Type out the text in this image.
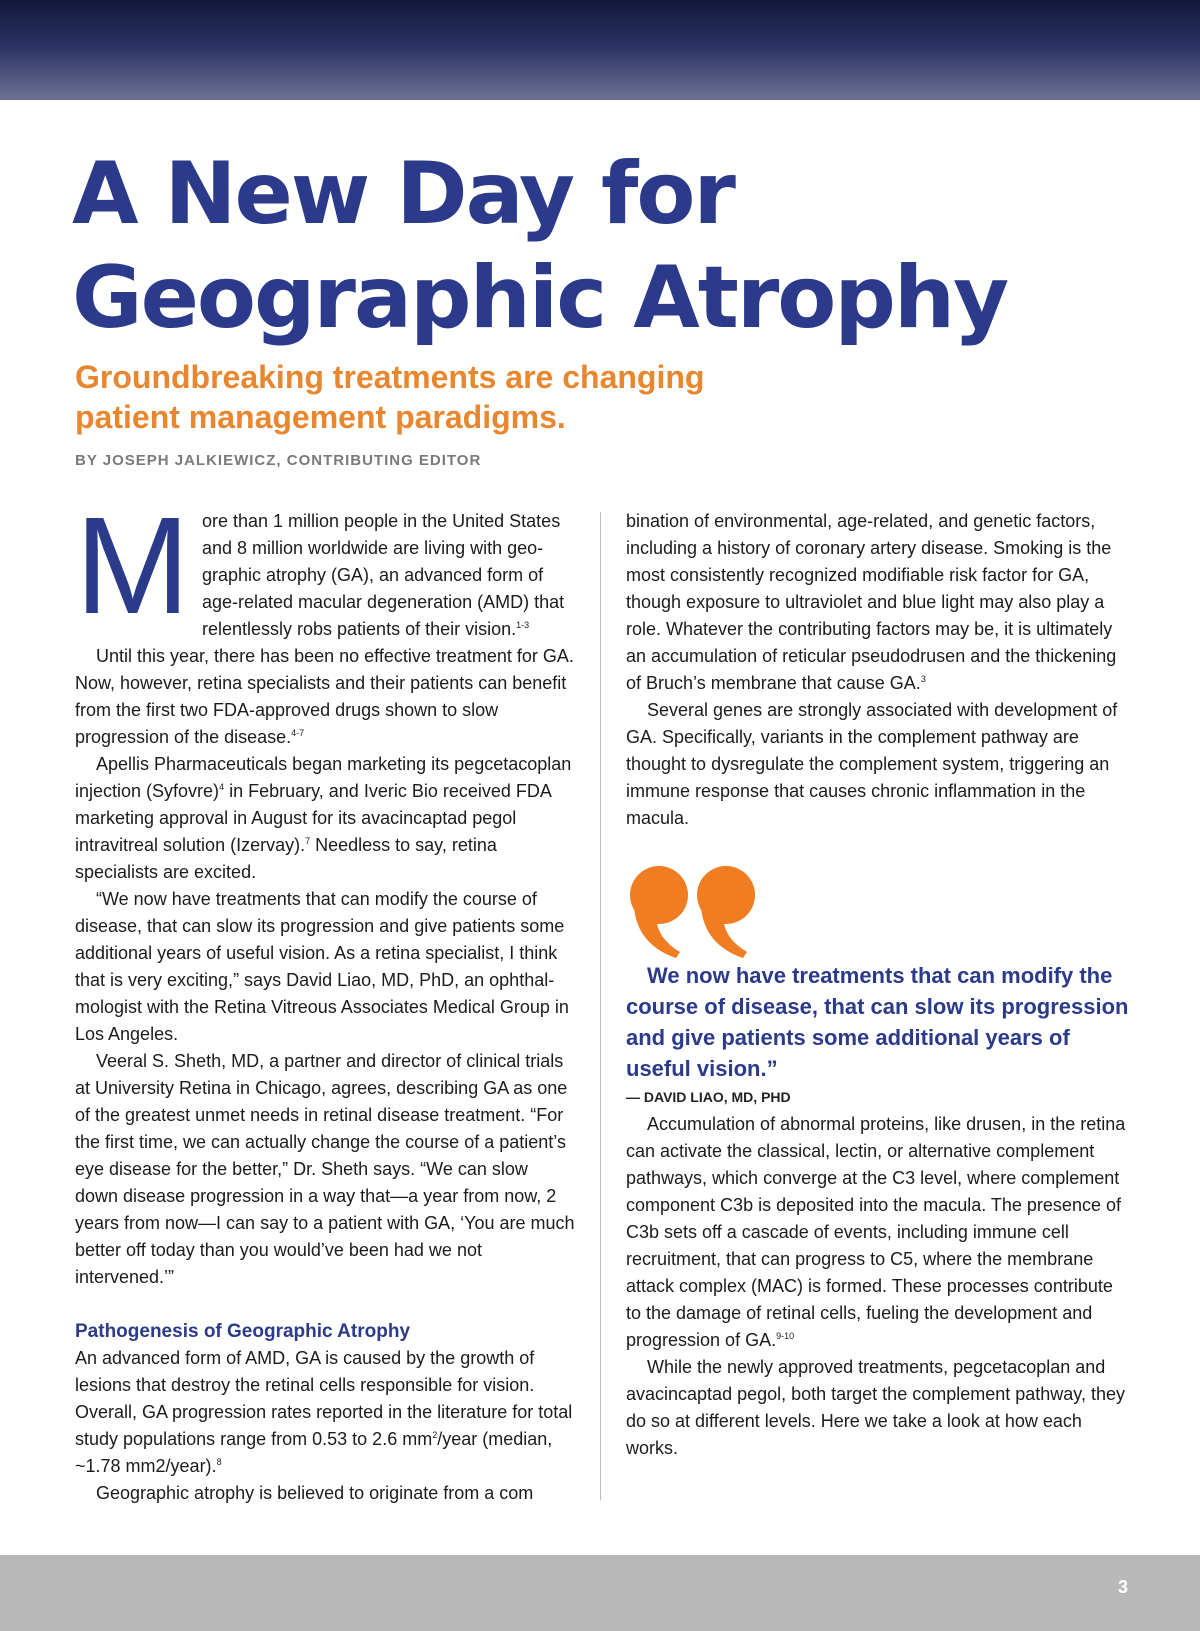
A New Day for Geographic Atrophy
Groundbreaking treatments are changing patient management paradigms.
BY JOSEPH JALKIEWICZ, CONTRIBUTING EDITOR

More than 1 million people in the United States and 8 million worldwide are living with geographic atrophy (GA), an advanced form of age-related macular degeneration (AMD) that relentlessly robs patients of their vision.$^{1-3}$

Until this year, there has been no effective treatment for GA. Now, however, retina specialists and their patients can benefit from the first two FDA-approved drugs shown to slow progression of the disease.$^{4-7}$

Apellis Pharmaceuticals began marketing its pegcetacoplan injection (Syfovre)$^4$ in February, and Iveric Bio received FDA marketing approval in August for its avacincaptad pegol intravitreal solution (Izervay).$^7$ Needless to say, retina specialists are excited.

“We now have treatments that can modify the course of disease, that can slow its progression and give patients some additional years of useful vision. As a retina specialist, I think that is very exciting,” says David Liao, MD, PhD, an ophthalmologist with the Retina Vitreous Associates Medical Group in Los Angeles.

Veeral S. Sheth, MD, a partner and director of clinical trials at University Retina in Chicago, agrees, describing GA as one of the greatest unmet needs in retinal disease treatment. “For the first time, we can actually change the course of a patient’s eye disease for the better,” Dr. Sheth says. “We can slow down disease progression in a way that—a year from now, 2 years from now—I can say to a patient with GA, ‘You are much better off today than you would’ve been had we not intervened.’”

Pathogenesis of Geographic Atrophy

An advanced form of AMD, GA is caused by the growth of lesions that destroy the retinal cells responsible for vision. Overall, GA progression rates reported in the literature for total study populations range from 0.53 to 2.6 $mm^2$/year (median, ~1.78 mm2/year).$^8$

Geographic atrophy is believed to originate from a com

bination of environmental, age-related, and genetic factors, including a history of coronary artery disease. Smoking is the most consistently recognized modifiable risk factor for GA, though exposure to ultraviolet and blue light may also play a role. Whatever the contributing factors may be, it is ultimately an accumulation of reticular pseudodrusen and the thickening of Bruch’s membrane that cause GA.$^3$

Several genes are strongly associated with development of GA. Specifically, variants in the complement pathway are thought to dysregulate the complement system, triggering an immune response that causes chronic inflammation in the macula.

We now have treatments that can modify the course of disease, that can slow its progression and give patients some additional years of useful vision.”

— DAVID LIAO, MD, PHD

Accumulation of abnormal proteins, like drusen, in the retina can activate the classical, lectin, or alternative complement pathways, which converge at the C3 level, where complement component C3b is deposited into the macula. The presence of C3b sets off a cascade of events, including immune cell recruitment, that can progress to C5, where the membrane attack complex (MAC) is formed. These processes contribute to the damage of retinal cells, fueling the development and progression of GA.$^{9-10}$

While the newly approved treatments, pegcetacoplan and avacincaptad pegol, both target the complement pathway, they do so at different levels. Here we take a look at how each works.

3
